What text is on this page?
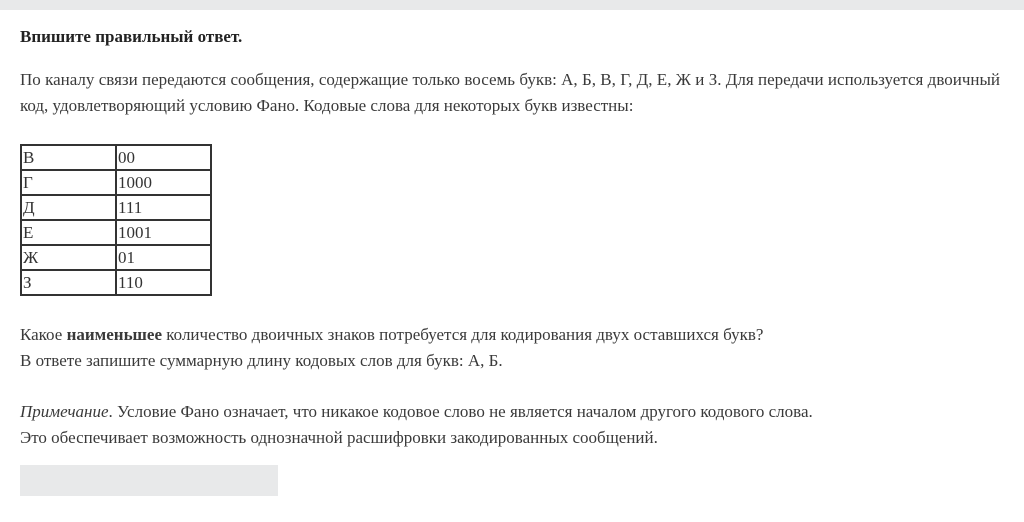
Впишите правильный ответ.

По каналу связи передаются сообщения, содержащие только восемь букв: А, Б, В, Г, Д, Е, Ж и З. Для передачи используется двоичный код, удовлетворяющий условию Фано. Кодовые слова для некоторых букв известны:

В	00
Г	1000
Д	111
Е	1001
Ж	01
З	110

Какое наименьшее количество двоичных знаков потребуется для кодирования двух оставшихся букв?
В ответе запишите суммарную длину кодовых слов для букв: А, Б.

Примечание. Условие Фано означает, что никакое кодовое слово не является началом другого кодового слова.
Это обеспечивает возможность однозначной расшифровки закодированных сообщений.
